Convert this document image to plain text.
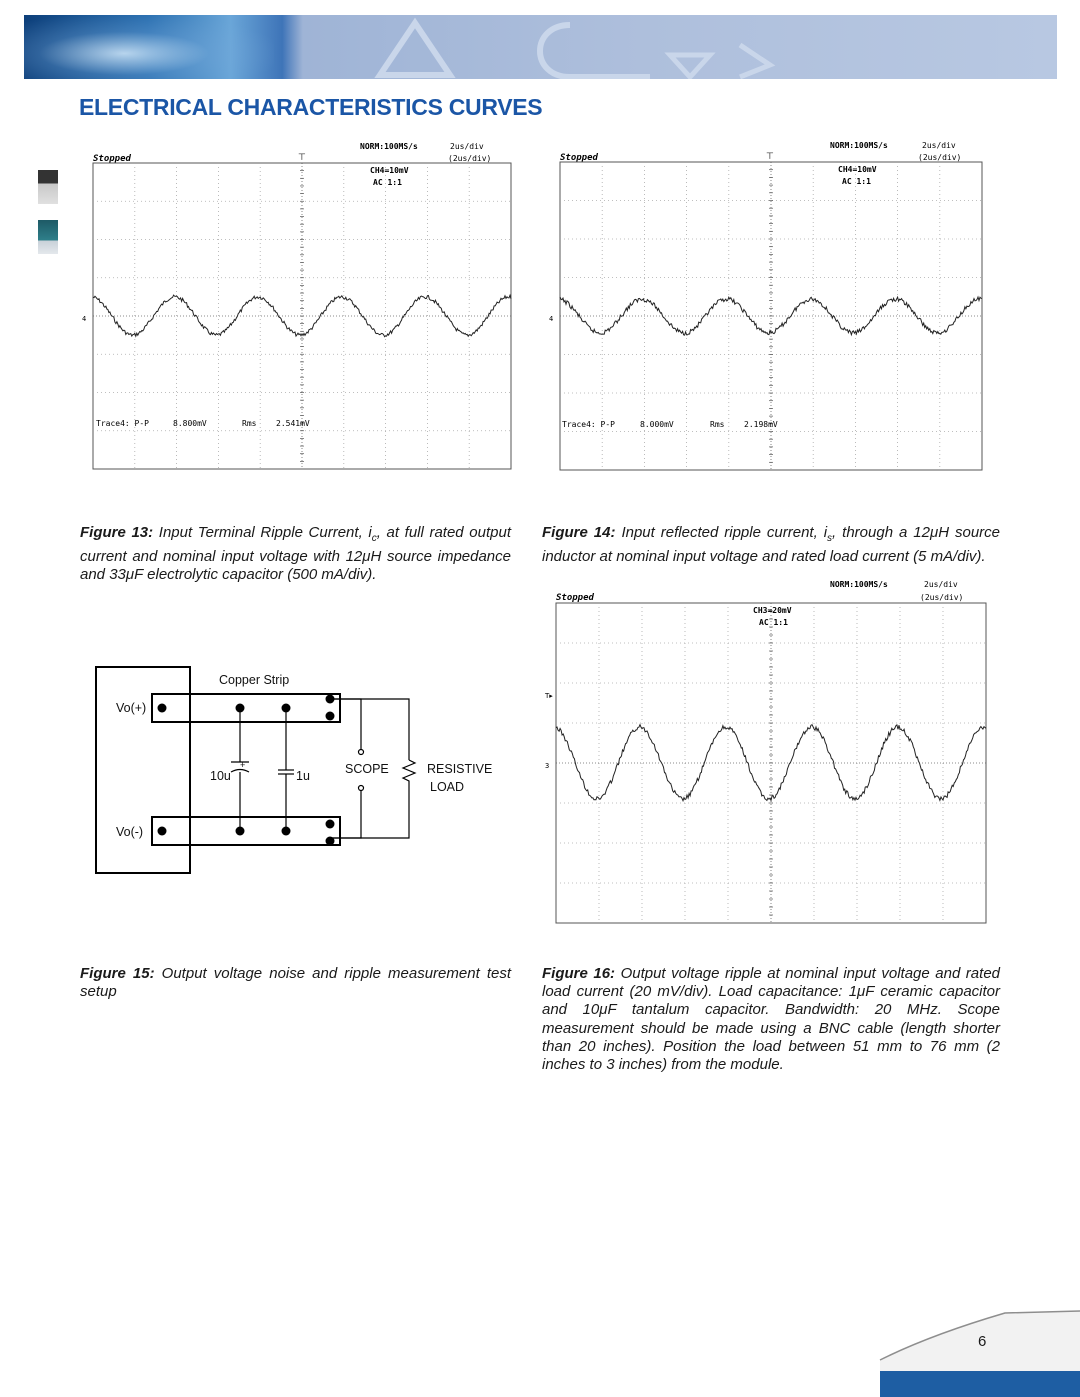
ELECTRICAL CHARACTERISTICS CURVES
Stopped
NORM:100MS/s	2us/div
(2us/div)
⊤
CH4=10mV
AC 1:1
4
Trace4: P-P	8.800mV	Rms 2.541mV
Stopped
NORM:100MS/s	2us/div
(2us/div)
⊤
CH4=10mV
AC 1:1
4
Trace4: P-P	8.000mV	Rms 2.198mV

Figure 13: Input Terminal Ripple Current, $i_c$, at full rated output current and nominal input voltage with 12μH source impedance and 33μF electrolytic capacitor (500 mA/div).

Figure 14: Input reflected ripple current, $i_s$, through a 12μH source inductor at nominal input voltage and rated load current (5 mA/div).

Stopped
NORM:100MS/s	2us/div
(2us/div)
CH3=20mV
AC 1:1
T▸
3
Copper Strip
Vo(+)
Vo(-)
10u
+
1u	SCOPE	RESISTIVE
LOAD

Figure 15: Output voltage noise and ripple measurement test setup

Figure 16: Output voltage ripple at nominal input voltage and rated load current (20 mV/div). Load capacitance: 1μF ceramic capacitor and 10μF tantalum capacitor. Bandwidth: 20 MHz. Scope measurement should be made using a BNC cable (length shorter than 20 inches). Position the load between 51 mm to 76 mm (2 inches to 3 inches) from the module.

6
